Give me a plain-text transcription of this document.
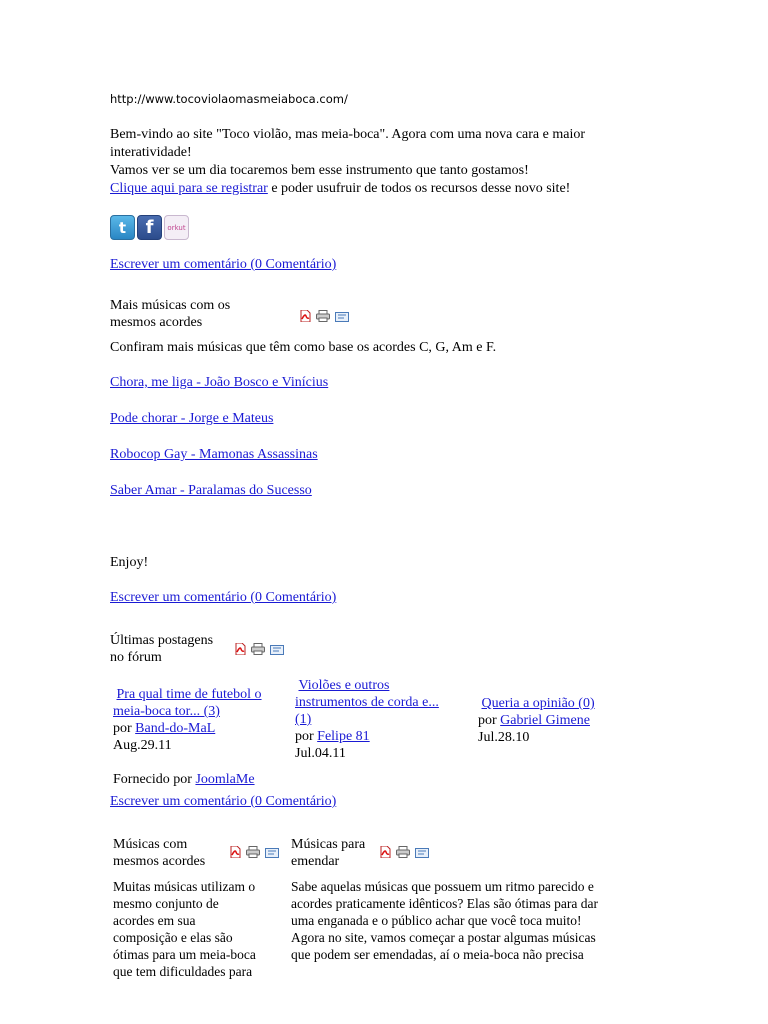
http://www.tocoviolaomasmeiaboca.com/

Bem-vindo ao site "Toco violão, mas meia-boca". Agora com uma nova cara e maior interatividade!

Vamos ver se um dia tocaremos bem esse instrumento que tanto gostamos!

Clique aqui para se registrar e poder usufruir de todos os recursos desse novo site!

t	f	orkut
Escrever um comentário (0 Comentário)
Mais músicas com os
mesmos acordes
Confiram mais músicas que têm como base os acordes C, G, Am e F.
Chora, me liga - João Bosco e Vinícius
Pode chorar - Jorge e Mateus
Robocop Gay - Mamonas Assassinas
Saber Amar - Paralamas do Sucesso
Enjoy!
Escrever um comentário (0 Comentário)
Últimas postagens
no fórum
Pra qual time de futebol o
meia-boca tor... (3)
por Band-do-MaL
Aug.29.11
Violões e outros
instrumentos de corda e...
(1)
por Felipe 81
Jul.04.11
Queria a opinião (0)
por Gabriel Gimene
Jul.28.10
Fornecido por JoomlaMe
Escrever um comentário (0 Comentário)
Músicas com
mesmos acordes
Músicas para
emendar
Muitas músicas utilizam o
mesmo conjunto de
acordes em sua
composição e elas são
ótimas para um meia-boca
que tem dificuldades para
Sabe aquelas músicas que possuem um ritmo parecido e
acordes praticamente idênticos? Elas são ótimas para dar
uma enganada e o público achar que você toca muito!
Agora no site, vamos começar a postar algumas músicas
que podem ser emendadas, aí o meia-boca não precisa
